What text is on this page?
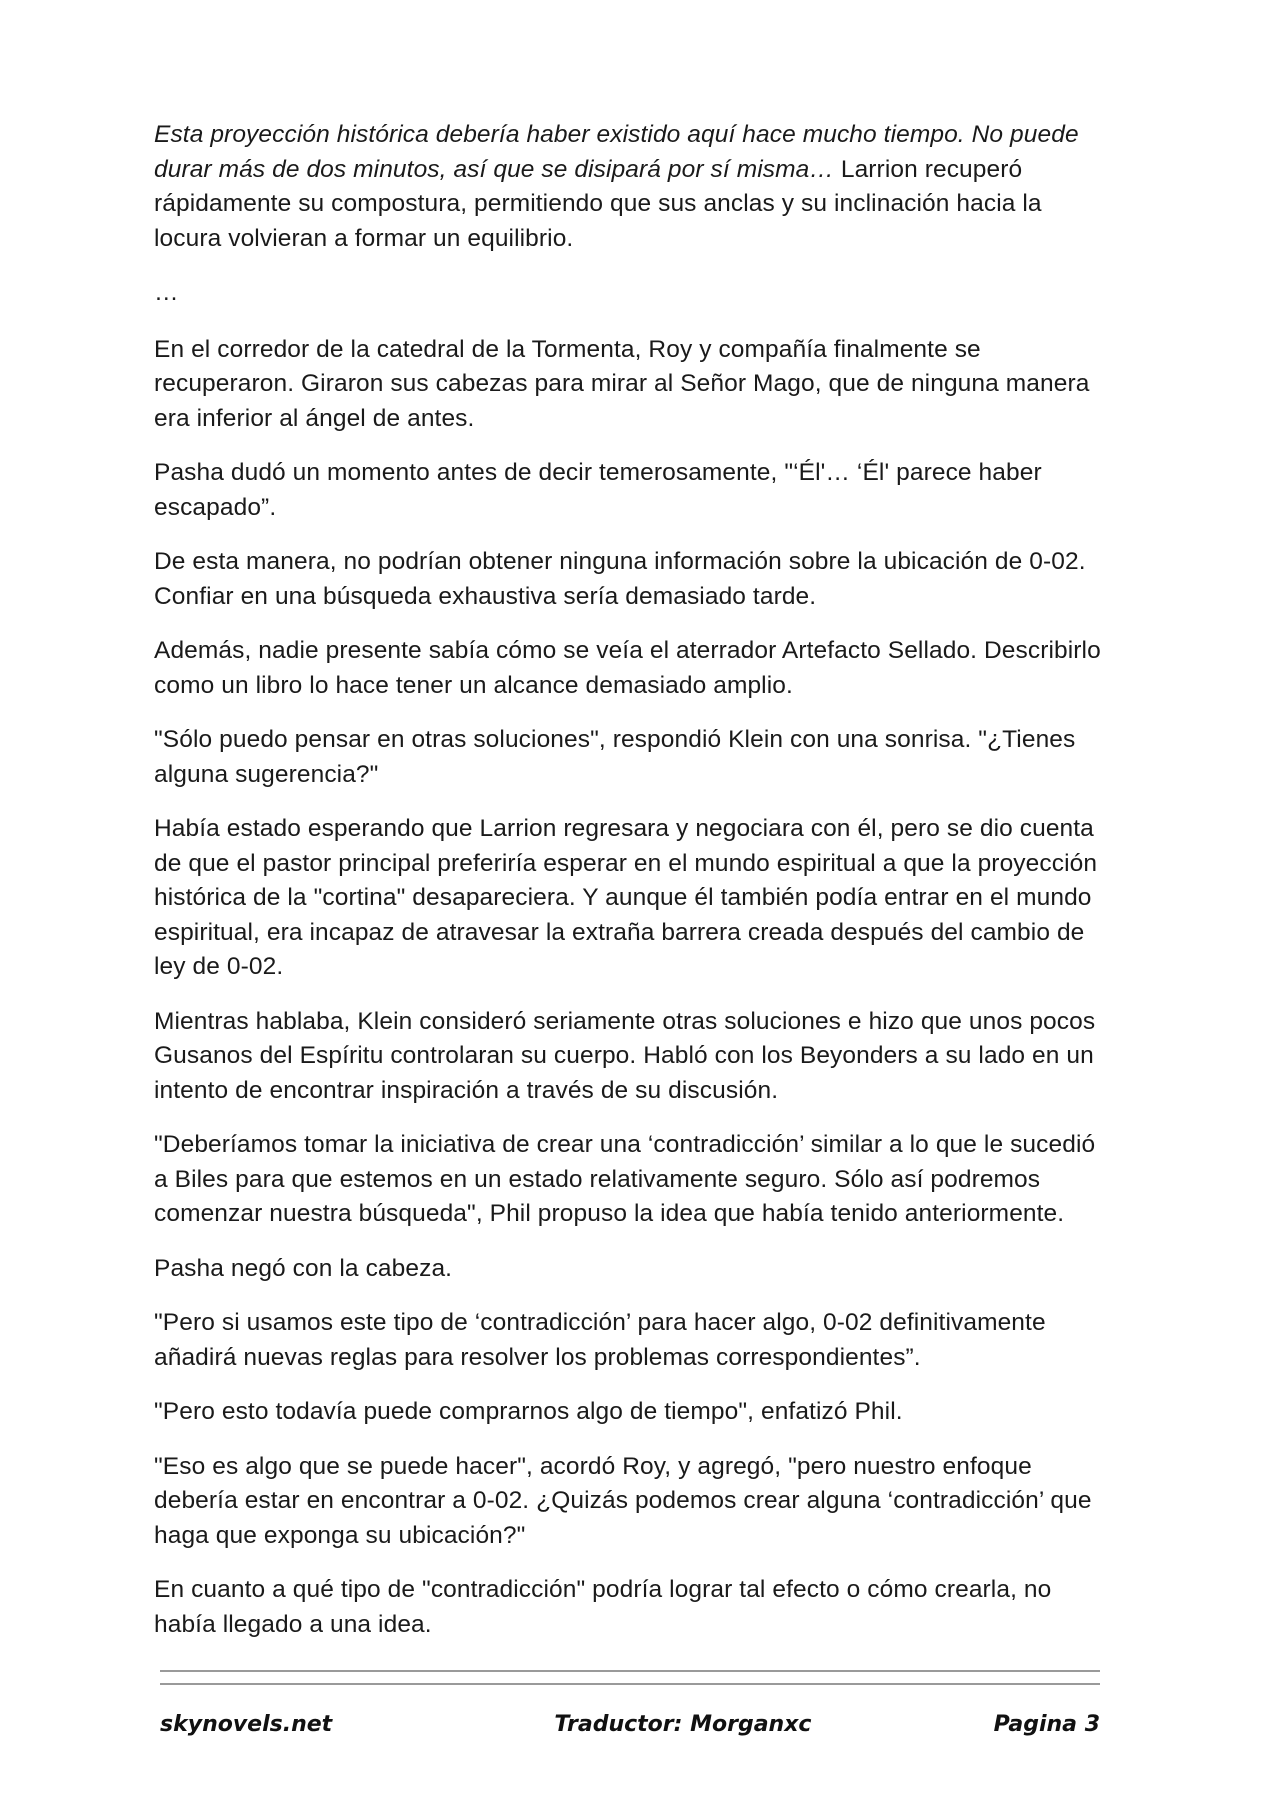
Esta proyección histórica debería haber existido aquí hace mucho tiempo. No puede durar más de dos minutos, así que se disipará por sí misma… Larrion recuperó rápidamente su compostura, permitiendo que sus anclas y su inclinación hacia la locura volvieran a formar un equilibrio.

…

En el corredor de la catedral de la Tormenta, Roy y compañía finalmente se recuperaron. Giraron sus cabezas para mirar al Señor Mago, que de ninguna manera era inferior al ángel de antes.

Pasha dudó un momento antes de decir temerosamente, "‘Él'… ‘Él' parece haber escapado”.

De esta manera, no podrían obtener ninguna información sobre la ubicación de 0-02. Confiar en una búsqueda exhaustiva sería demasiado tarde.

Además, nadie presente sabía cómo se veía el aterrador Artefacto Sellado. Describirlo como un libro lo hace tener un alcance demasiado amplio.

"Sólo puedo pensar en otras soluciones", respondió Klein con una sonrisa. "¿Tienes alguna sugerencia?"

Había estado esperando que Larrion regresara y negociara con él, pero se dio cuenta de que el pastor principal preferiría esperar en el mundo espiritual a que la proyección histórica de la "cortina" desapareciera. Y aunque él también podía entrar en el mundo espiritual, era incapaz de atravesar la extraña barrera creada después del cambio de ley de 0-02.

Mientras hablaba, Klein consideró seriamente otras soluciones e hizo que unos pocos Gusanos del Espíritu controlaran su cuerpo. Habló con los Beyonders a su lado en un intento de encontrar inspiración a través de su discusión.

"Deberíamos tomar la iniciativa de crear una ‘contradicción’ similar a lo que le sucedió a Biles para que estemos en un estado relativamente seguro. Sólo así podremos comenzar nuestra búsqueda", Phil propuso la idea que había tenido anteriormente.

Pasha negó con la cabeza.

"Pero si usamos este tipo de ‘contradicción’ para hacer algo, 0-02 definitivamente añadirá nuevas reglas para resolver los problemas correspondientes”.

"Pero esto todavía puede comprarnos algo de tiempo", enfatizó Phil.

"Eso es algo que se puede hacer", acordó Roy, y agregó, "pero nuestro enfoque debería estar en encontrar a 0-02. ¿Quizás podemos crear alguna ‘contradicción’ que haga que exponga su ubicación?"

En cuanto a qué tipo de "contradicción" podría lograr tal efecto o cómo crearla, no había llegado a una idea.

skynovels.net	Traductor: Morganxc	Pagina 3
